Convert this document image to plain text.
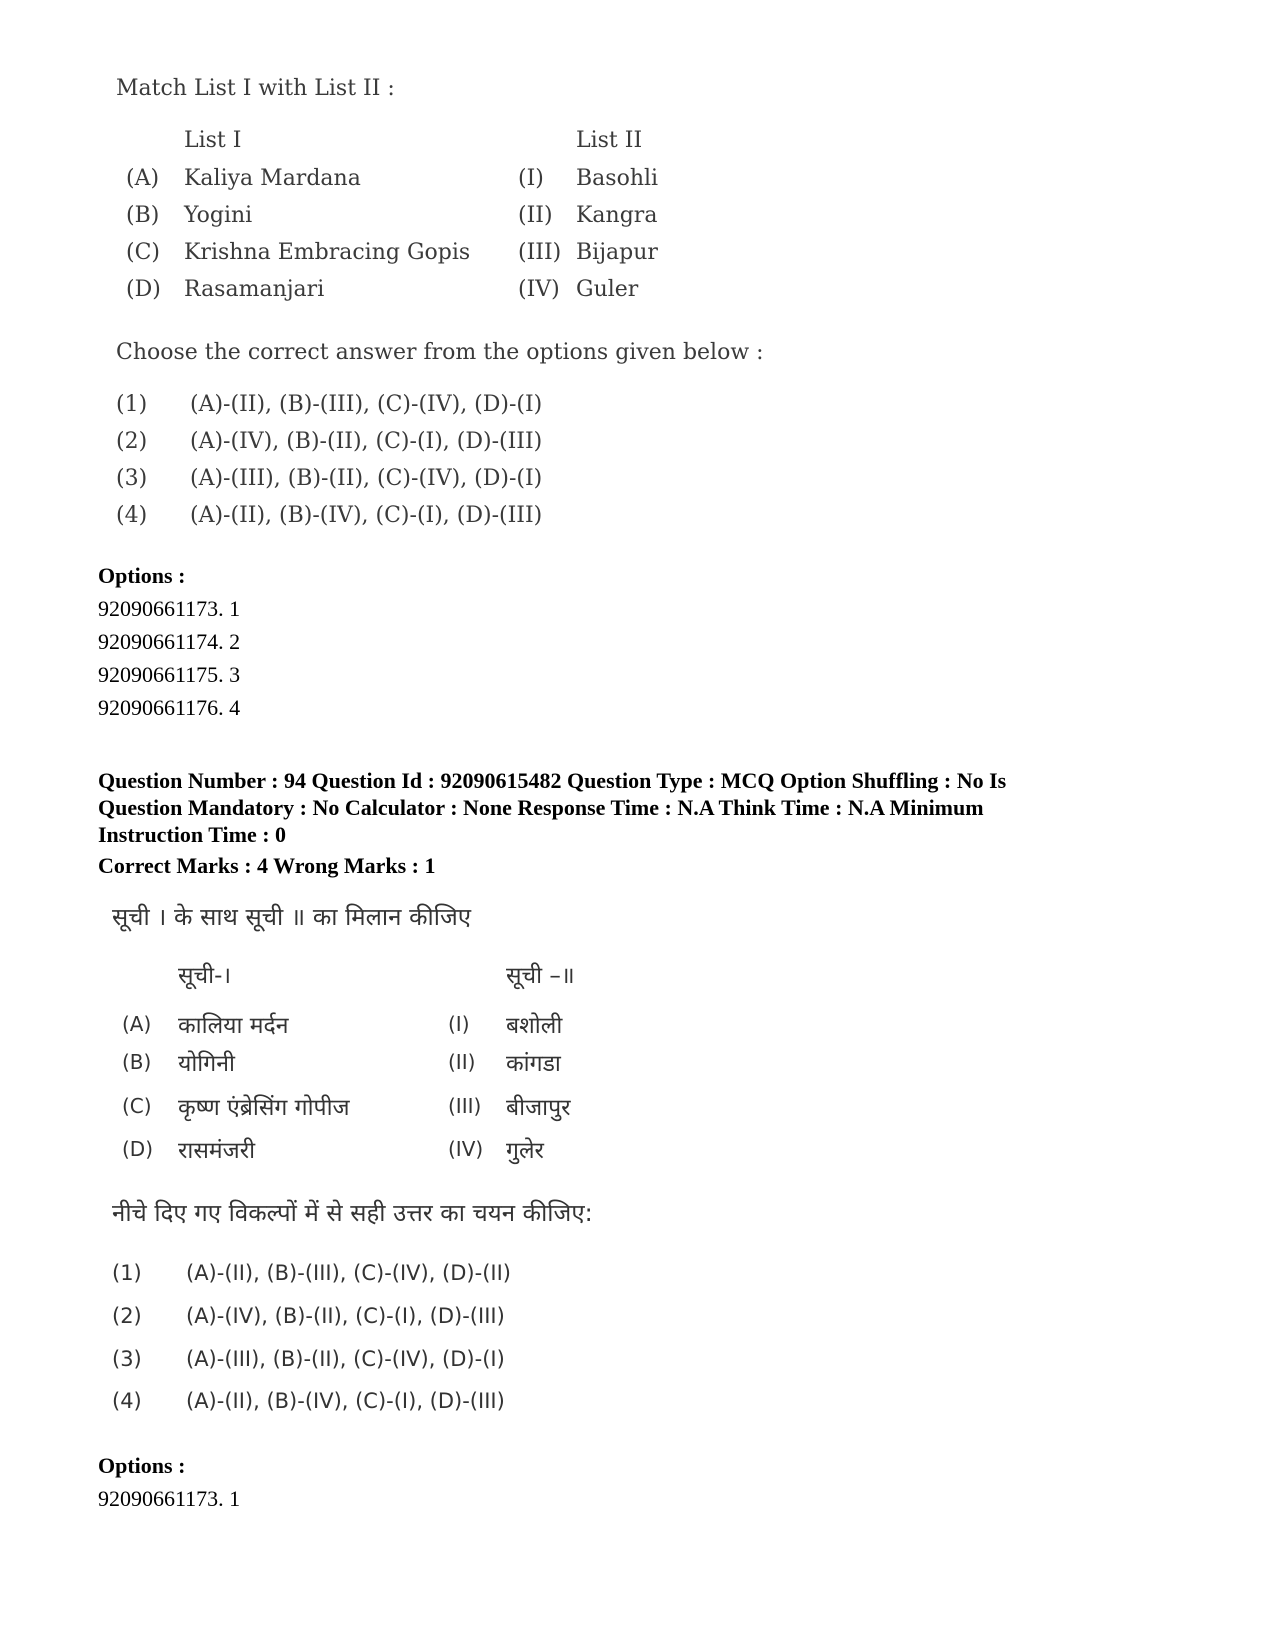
Match List I with List II :
List I	List II
(A) Kaliya Mardana	(I) Basohli
(B) Yogini	(II) Kangra
(C) Krishna Embracing Gopis (III) Bijapur
(D) Rasamanjari	(IV) Guler
Choose the correct answer from the options given below :
(1) (A)-(II), (B)-(III), (C)-(IV), (D)-(I)
(2) (A)-(IV), (B)-(II), (C)-(I), (D)-(III)
(3) (A)-(III), (B)-(II), (C)-(IV), (D)-(I)
(4) (A)-(II), (B)-(IV), (C)-(I), (D)-(III)
Options :
92090661173. 1
92090661174. 2
92090661175. 3
92090661176. 4
Question Number : 94 Question Id : 92090615482 Question Type : MCQ Option Shuffling : No Is
Question Mandatory : No Calculator : None Response Time : N.A Think Time : N.A Minimum
Instruction Time : 0
Correct Marks : 4 Wrong Marks : 1
सूची । के साथ सूची ॥ का मिलान कीजिए
सूची-।	सूची –॥
(A) कालिया मर्दन	(I) बशोली
(B) योगिनी	(II) कांगडा
(C) कृष्ण एंब्रेसिंग गोपीज	(III) बीजापुर
(D) रासमंजरी	(IV) गुलेर
नीचे दिए गए विकल्पों में से सही उत्तर का चयन कीजिए:
(1) (A)-(II), (B)-(III), (C)-(IV), (D)-(II)
(2) (A)-(IV), (B)-(II), (C)-(I), (D)-(III)
(3) (A)-(III), (B)-(II), (C)-(IV), (D)-(I)
(4) (A)-(II), (B)-(IV), (C)-(I), (D)-(III)
Options :
92090661173. 1
